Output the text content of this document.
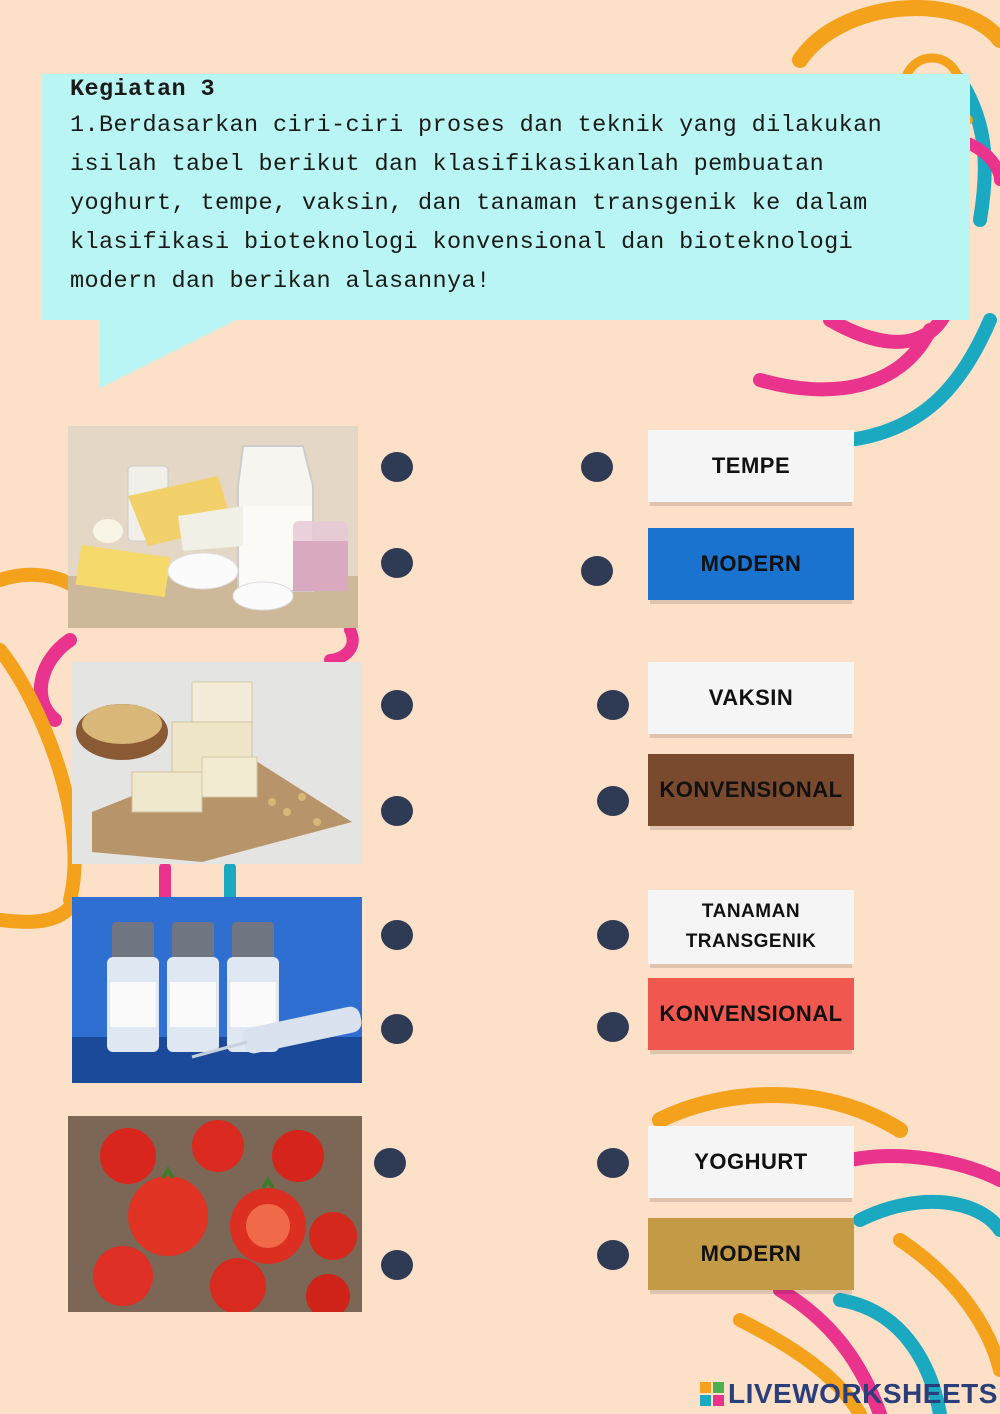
Kegiatan 3
1.Berdasarkan ciri-ciri proses dan teknik yang dilakukan
isilah tabel berikut dan klasifikasikanlah pembuatan
yoghurt, tempe, vaksin, dan tanaman transgenik ke dalam
klasifikasi bioteknologi konvensional dan bioteknologi
modern dan berikan alasannya!
TEMPE
MODERN
VAKSIN
KONVENSIONAL
TANAMAN
TRANSGENIK
KONVENSIONAL
YOGHURT
MODERN
LIVEWORKSHEETS
